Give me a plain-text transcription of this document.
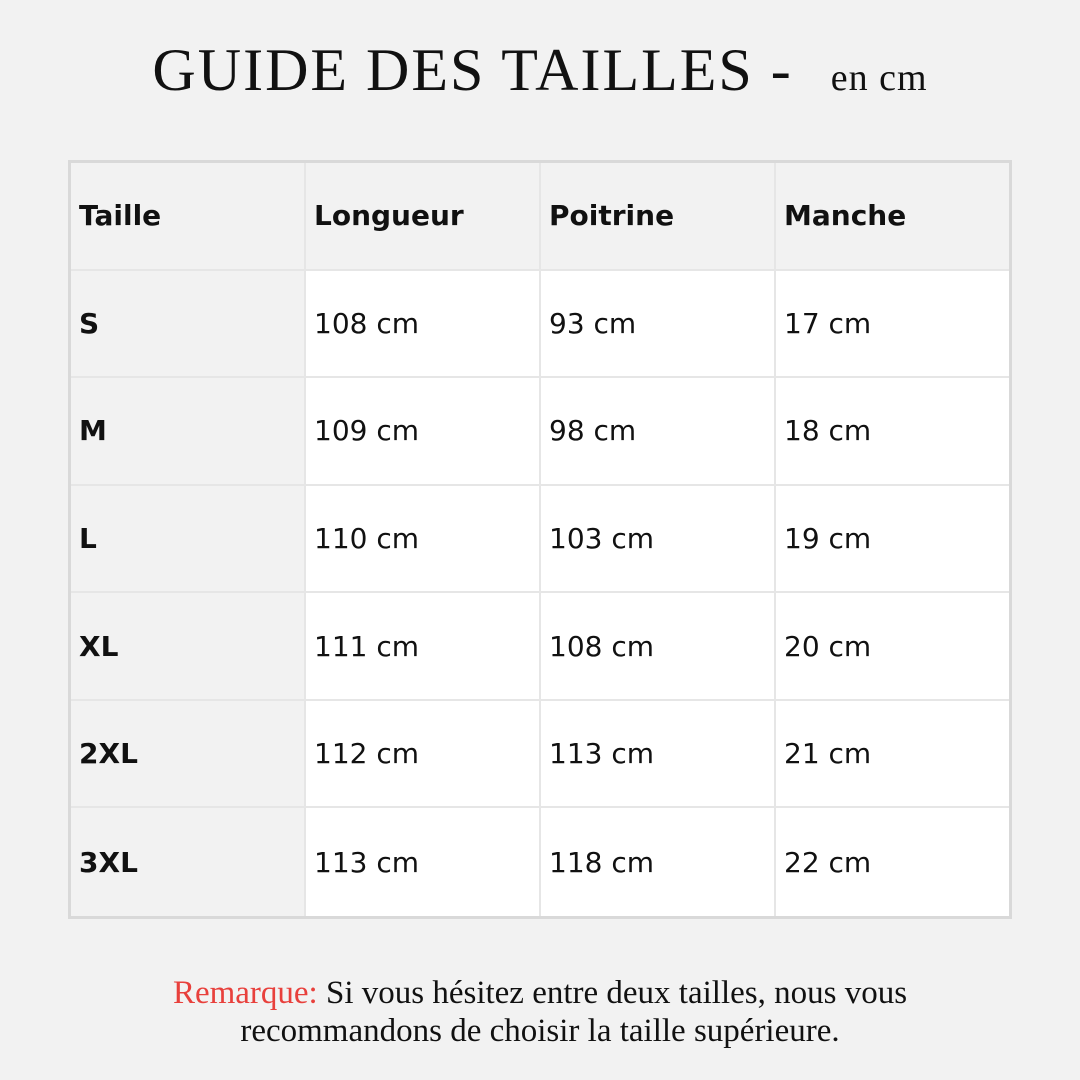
GUIDE DES TAILLES - en cm
Taille	Longueur	Poitrine	Manche
S	108 cm	93 cm	17 cm
M	109 cm	98 cm	18 cm
L	110 cm	103 cm	19 cm
XL	111 cm	108 cm	20 cm
2XL	112 cm	113 cm	21 cm
3XL	113 cm	118 cm	22 cm
Remarque: Si vous hésitez entre deux tailles, nous vous
recommandons de choisir la taille supérieure.
